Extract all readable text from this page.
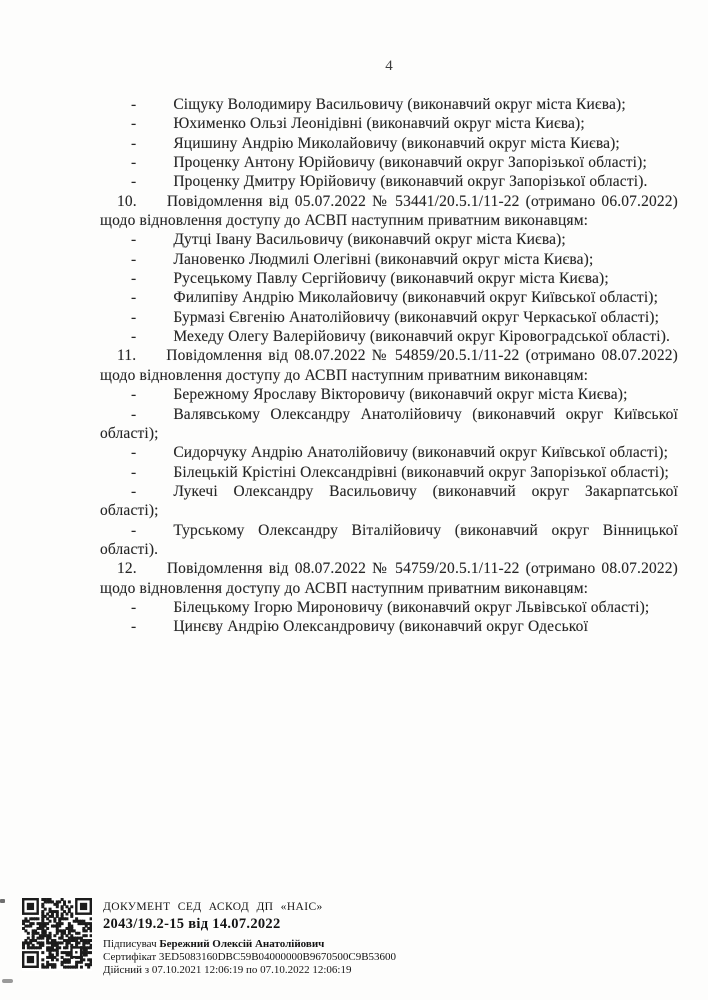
4

- Сіщуку Володимиру Васильовичу (виконавчий округ міста Києва);

- Юхименко Ользі Леонідівні (виконавчий округ міста Києва);

- Яцишину Андрію Миколайовичу (виконавчий округ міста Києва);

- Проценку Антону Юрійовичу (виконавчий округ Запорізької області);

- Проценку Дмитру Юрійовичу (виконавчий округ Запорізької області).

10. Повідомлення від 05.07.2022 № 53441/20.5.1/11-22 (отримано 06.07.2022) щодо відновлення доступу до АСВП наступним приватним виконавцям:

- Дутці Івану Васильовичу (виконавчий округ міста Києва);

- Лановенко Людмилі Олегівні (виконавчий округ міста Києва);

- Русецькому Павлу Сергійовичу (виконавчий округ міста Києва);

- Филипіву Андрію Миколайовичу (виконавчий округ Київської області);

- Бурмазі Євгенію Анатолійовичу (виконавчий округ Черкаської області);

- Мехеду Олегу Валерійовичу (виконавчий округ Кіровоградської області).

11. Повідомлення від 08.07.2022 № 54859/20.5.1/11-22 (отримано 08.07.2022) щодо відновлення доступу до АСВП наступним приватним виконавцям:

- Бережному Ярославу Вікторовичу (виконавчий округ міста Києва);

- Валявському Олександру Анатолійовичу (виконавчий округ Київської області);

- Сидорчуку Андрію Анатолійовичу (виконавчий округ Київської області);

- Білецькій Крістіні Олександрівні (виконавчий округ Запорізької області);

- Лукечі Олександру Васильовичу (виконавчий округ Закарпатської області);

- Турському Олександру Віталійовичу (виконавчий округ Вінницької області).

12. Повідомлення від 08.07.2022 № 54759/20.5.1/11-22 (отримано 08.07.2022) щодо відновлення доступу до АСВП наступним приватним виконавцям:

- Білецькому Ігорю Мироновичу (виконавчий округ Львівської області);

- Цинєву Андрію Олександровичу (виконавчий округ Одеської

ДОКУМЕНТ СЕД АСКОД ДП «НАІС»
2043/19.2-15 від 14.07.2022
Підписувач Бережний Олексій Анатолійович
Сертифікат 3ED5083160DBC59B04000000B9670500C9B53600
Дійсний з 07.10.2021 12:06:19 по 07.10.2022 12:06:19
